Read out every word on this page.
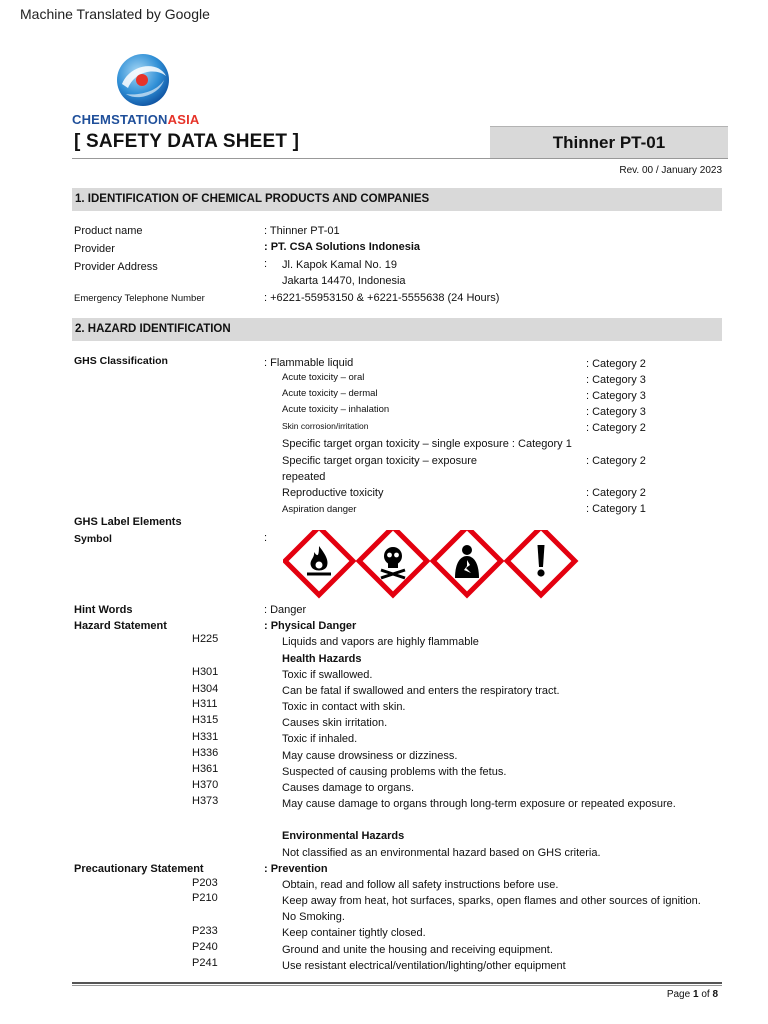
Machine Translated by Google
CHEMSTATIONASIA
[ SAFETY DATA SHEET ]	Thinner PT-01
Rev. 00 / January 2023
1. IDENTIFICATION OF CHEMICAL PRODUCTS AND COMPANIES
Product name	: Thinner PT-01
Provider	: PT. CSA Solutions Indonesia
Provider Address	: Jl. Kapok Kamal No. 19
Jakarta 14470, Indonesia
Emergency Telephone Number	: +6221-55953150 & +6221-5555638 (24 Hours)
2. HAZARD IDENTIFICATION
GHS Classification	: Flammable liquid	: Category 2
Acute toxicity – oral	: Category 3
Acute toxicity – dermal	: Category 3
Acute toxicity – inhalation	: Category 3
Skin corrosion/irritation	: Category 2
Specific target organ toxicity – single exposure : Category 1
Specific target organ toxicity – exposure	: Category 2
repeated
Reproductive toxicity	: Category 2
Aspiration danger	: Category 1
GHS Label Elements
Symbol	:
Hint Words	: Danger
Hazard Statement	: Physical Danger
H225	Liquids and vapors are highly flammable
Health Hazards
H301	Toxic if swallowed.
H304	Can be fatal if swallowed and enters the respiratory tract.
H311	Toxic in contact with skin.
H315	Causes skin irritation.
H331	Toxic if inhaled.
H336	May cause drowsiness or dizziness.
H361	Suspected of causing problems with the fetus.
H370	Causes damage to organs.
H373	May cause damage to organs through long-term exposure or repeated exposure.
Environmental Hazards
Not classified as an environmental hazard based on GHS criteria.
Precautionary Statement	: Prevention
P203	Obtain, read and follow all safety instructions before use.
P210	Keep away from heat, hot surfaces, sparks, open flames and other sources of ignition.
No Smoking.
P233	Keep container tightly closed.
P240	Ground and unite the housing and receiving equipment.
P241	Use resistant electrical/ventilation/lighting/other equipment
Page 1 of 8
